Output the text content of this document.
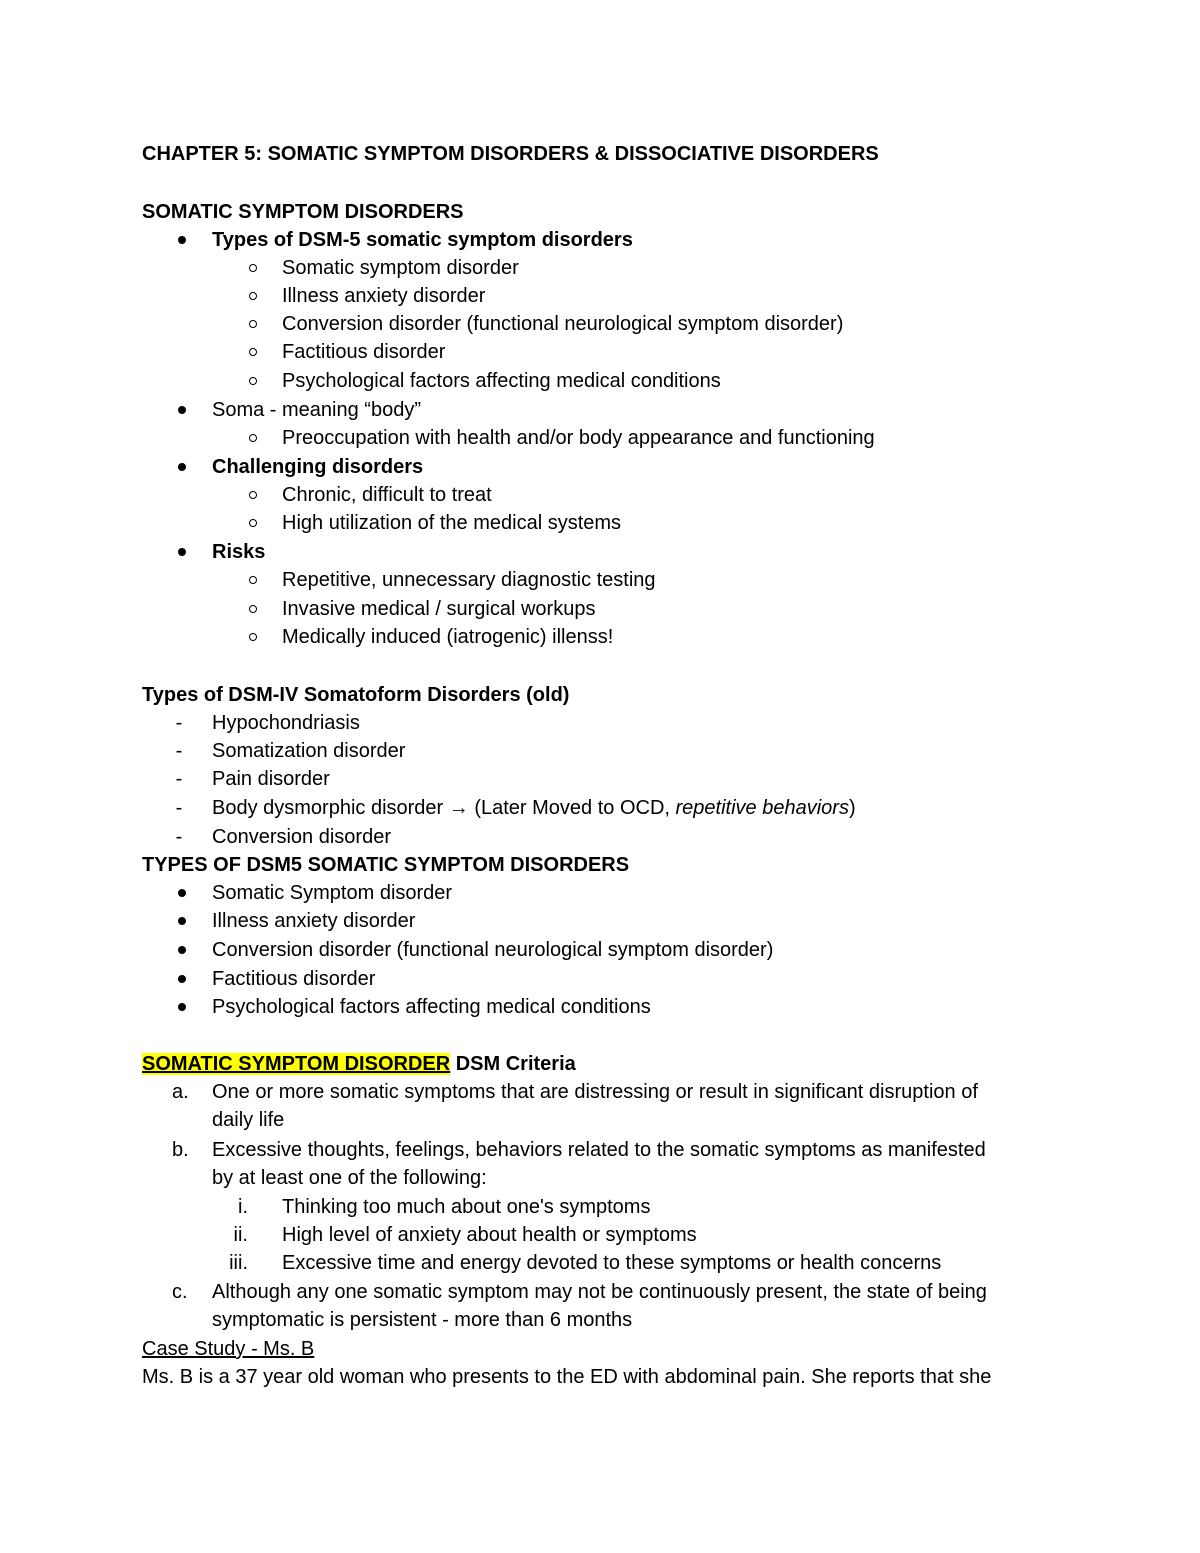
CHAPTER 5: SOMATIC SYMPTOM DISORDERS & DISSOCIATIVE DISORDERS
SOMATIC SYMPTOM DISORDERS
Types of DSM-5 somatic symptom disorders
Somatic symptom disorder
Illness anxiety disorder
Conversion disorder (functional neurological symptom disorder)
Factitious disorder
Psychological factors affecting medical conditions
Soma - meaning “body”
Preoccupation with health and/or body appearance and functioning
Challenging disorders
Chronic, difficult to treat
High utilization of the medical systems
Risks
Repetitive, unnecessary diagnostic testing
Invasive medical / surgical workups
Medically induced (iatrogenic) illenss!
Types of DSM-IV Somatoform Disorders (old)
- Hypochondriasis
- Somatization disorder
- Pain disorder
- Body dysmorphic disorder → (Later Moved to OCD, repetitive behaviors)
- Conversion disorder
TYPES OF DSM5 SOMATIC SYMPTOM DISORDERS
Somatic Symptom disorder
Illness anxiety disorder
Conversion disorder (functional neurological symptom disorder)
Factitious disorder
Psychological factors affecting medical conditions
SOMATIC SYMPTOM DISORDER DSM Criteria
a. One or more somatic symptoms that are distressing or result in significant disruption of
daily life
b. Excessive thoughts, feelings, behaviors related to the somatic symptoms as manifested
by at least one of the following:
i. Thinking too much about one's symptoms
ii. High level of anxiety about health or symptoms
iii. Excessive time and energy devoted to these symptoms or health concerns
c.	Although any one somatic symptom may not be continuously present, the state of being
symptomatic is persistent - more than 6 months
Case Study - Ms. B
Ms. B is a 37 year old woman who presents to the ED with abdominal pain. She reports that she
